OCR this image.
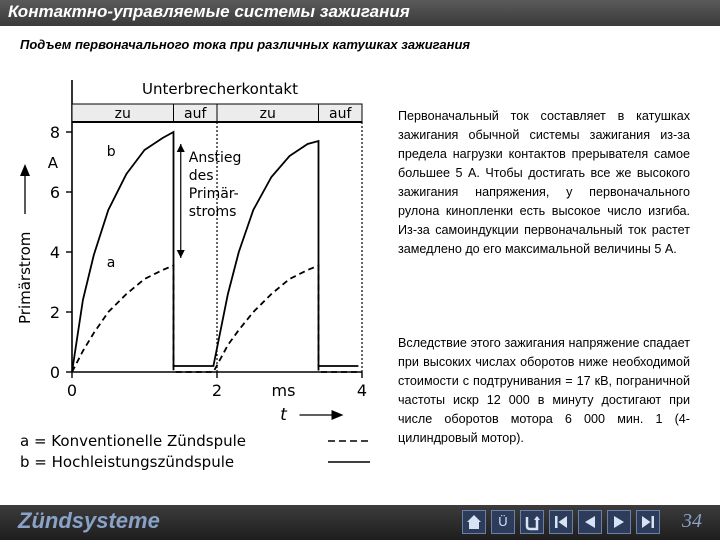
Контактно-управляемые системы зажигания
Подъем первоначального тока при различных катушках зажигания
Unterbrecherkontakt
zu	auf	zu	auf
8
6
4
2
0
A
Primärstrom
0	2	4
ms
t
b
a
Anstieg
des
Primär-
stroms
a = Konventionelle Zündspule
b = Hochleistungszündspule
Первоначальный ток составляет в катушках зажигания обычной системы зажигания из-за предела нагрузки контактов прерывателя самое большее 5 А. Чтобы достигать все же высокого зажигания напряжения, у первоначального рулона кинопленки есть высокое число изгиба. Из-за самоиндукции первоначальный ток растет замедлено до его максимальной величины 5 А.
Вследствие этого зажигания напряжение спадает при высоких числах оборотов ниже необходимой стоимости с подтрунивания = 17 кВ, пограничной частоты искр 12 000 в минуту достигают при числе оборотов мотора 6 000 мин. 1 (4-цилиндровый мотор).
Zündsysteme	Ü	34
